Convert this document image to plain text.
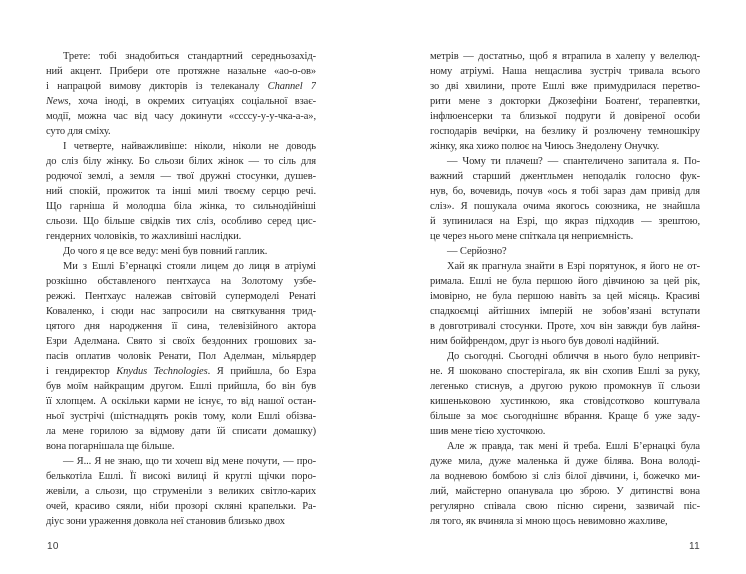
Трете: тобі знадобиться стандартний середньозахід-
ний акцент. Прибери оте протяжне назальне «ао-о-ов»
і напрацюй вимову дикторів із телеканалу Channel 7
News, хоча іноді, в окремих ситуаціях соціальної взає-
модії, можна час від часу докинути «ссссу-у-у-чка-а-а»,
суто для сміху.
І четверте, найважливіше: ніколи, ніколи не доводь
до сліз білу жінку. Бо сльози білих жінок — то сіль для
родючої землі, а земля — твої дружні стосунки, душев-
ний спокій, прожиток та інші милі твоєму серцю речі.
Що гарніша й молодша біла жінка, то сильнодійніші
сльози. Що більше свідків тих сліз, особливо серед цис-
гендерних чоловіків, то жахливіші наслідки.
До чого я це все веду: мені був повний гаплик.
Ми з Ешлі Б’ернацкі стояли лицем до лиця в атріумі
розкішно обставленого пентхауса на Золотому узбе-
режжі. Пентхаус належав світовій супермоделі Ренаті
Коваленко, і сюди нас запросили на святкування трид-
цятого дня народження її сина, телевізійного актора
Езри Аделмана. Свято зі своїх бездонних грошових за-
пасів оплатив чоловік Ренати, Пол Аделман, мільярдер
і гендиректор Knydus Technologies. Я прийшла, бо Езра
був моїм найкращим другом. Ешлі прийшла, бо він був
її хлопцем. А оскільки карми не існує, то від нашої остан-
ньої зустрічі (шістнадцять років тому, коли Ешлі обізва-
ла мене горилою за відмову дати їй списати домашку)
вона погарнішала ще більше.
— Я... Я не знаю, що ти хочеш від мене почути, — про-
белькотіла Ешлі. Її високі вилиці й круглі щічки поро-
жевіли, а сльози, що струменіли з великих світло-карих
очей, красиво сяяли, ніби прозорі скляні крапельки. Ра-
діус зони ураження довкола неї становив близько двох
10
метрів — достатньо, щоб я втрапила в халепу у велелюд-
ному атріумі. Наша нещаслива зустріч тривала всього
зо дві хвилини, проте Ешлі вже примудрилася перетво-
рити мене з докторки Джозефіни Боатенґ, терапевтки,
інфлюенсерки та близької подруги й довіреної особи
господарів вечірки, на безлику й розлючену темношкіру
жінку, яка хижо полює на Чиюсь Знедолену Онучку.
— Чому ти плачеш? — спантеличено запитала я. По-
важний старший джентльмен неподалік голосно фук-
нув, бо, вочевидь, почув «ось я тобі зараз дам привід для
сліз». Я пошукала очима якогось союзника, не знайшла
й зупинилася на Езрі, що якраз підходив — зрештою,
це через нього мене спіткала ця неприємність.
— Серйозно?
Хай як прагнула знайти в Езрі порятунок, я його не от-
римала. Ешлі не була першою його дівчиною за цей рік,
імовірно, не була першою навіть за цей місяць. Красиві
спадкоємці айтішних імперій не зобов’язані вступати
в довготривалі стосунки. Проте, хоч він завжди був лайня-
ним бойфрендом, друг із нього був доволі надійний.
До сьогодні. Сьогодні обличчя в нього було непривіт-
не. Я шоковано спостерігала, як він схопив Ешлі за руку,
легенько стиснув, а другою рукою промокнув її сльози
кишеньковою хустинкою, яка стовідсотково коштувала
більше за моє сьогоднішнє вбрання. Краще б уже заду-
шив мене тією хусточкою.
Але ж правда, так мені й треба. Ешлі Б’ернацкі була
дуже мила, дуже маленька й дуже білява. Вона володі-
ла водневою бомбою зі сліз білої дівчини, і, божечко ми-
лий, майстерно опанувала цю зброю. У дитинстві вона
регулярно співала свою пісню сирени, зазвичай піс-
ля того, як вчиняла зі мною щось невимовно жахливе,
11
